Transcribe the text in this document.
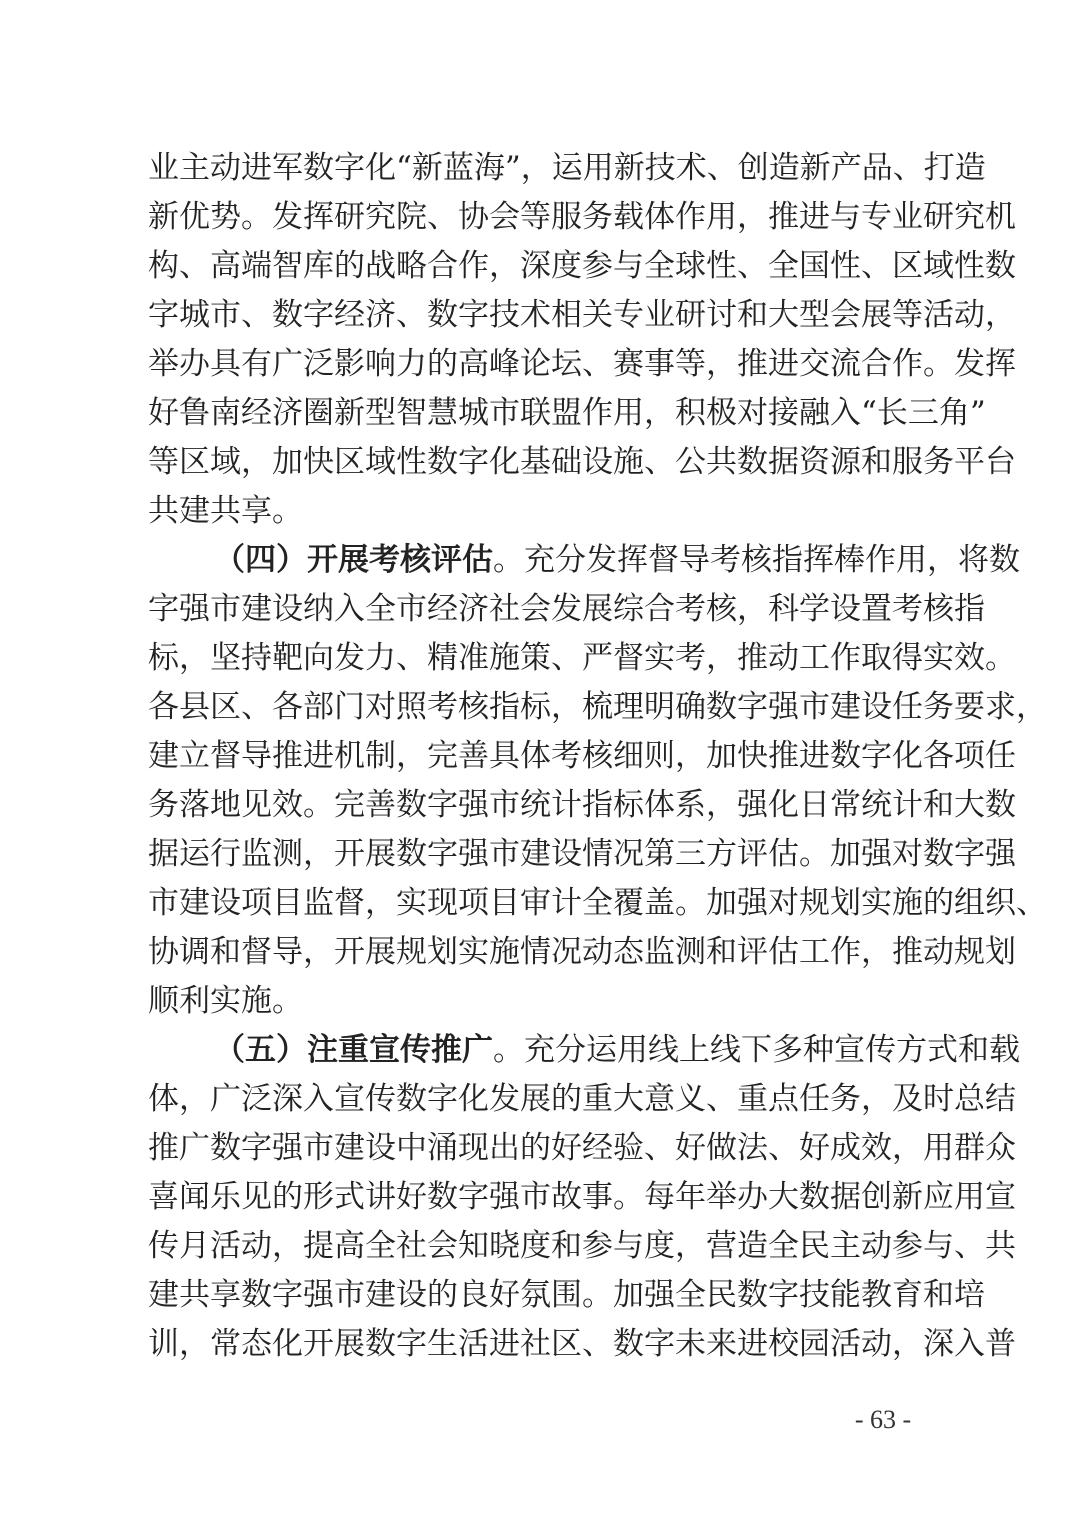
业主动进军数字化“新蓝海”，运用新技术、创造新产品、打造
新优势。发挥研究院、协会等服务载体作用，推进与专业研究机
构、高端智库的战略合作，深度参与全球性、全国性、区域性数
字城市、数字经济、数字技术相关专业研讨和大型会展等活动，
举办具有广泛影响力的高峰论坛、赛事等，推进交流合作。发挥
好鲁南经济圈新型智慧城市联盟作用，积极对接融入“长三角”
等区域，加快区域性数字化基础设施、公共数据资源和服务平台
共建共享。
（四）开展考核评估。充分发挥督导考核指挥棒作用，将数
字强市建设纳入全市经济社会发展综合考核，科学设置考核指
标，坚持靶向发力、精准施策、严督实考，推动工作取得实效。
各县区、各部门对照考核指标，梳理明确数字强市建设任务要求，
建立督导推进机制，完善具体考核细则，加快推进数字化各项任
务落地见效。完善数字强市统计指标体系，强化日常统计和大数
据运行监测，开展数字强市建设情况第三方评估。加强对数字强
市建设项目监督，实现项目审计全覆盖。加强对规划实施的组织、
协调和督导，开展规划实施情况动态监测和评估工作，推动规划
顺利实施。
（五）注重宣传推广。充分运用线上线下多种宣传方式和载
体，广泛深入宣传数字化发展的重大意义、重点任务，及时总结
推广数字强市建设中涌现出的好经验、好做法、好成效，用群众
喜闻乐见的形式讲好数字强市故事。每年举办大数据创新应用宣
传月活动，提高全社会知晓度和参与度，营造全民主动参与、共
建共享数字强市建设的良好氛围。加强全民数字技能教育和培
训，常态化开展数字生活进社区、数字未来进校园活动，深入普
- 63 -
